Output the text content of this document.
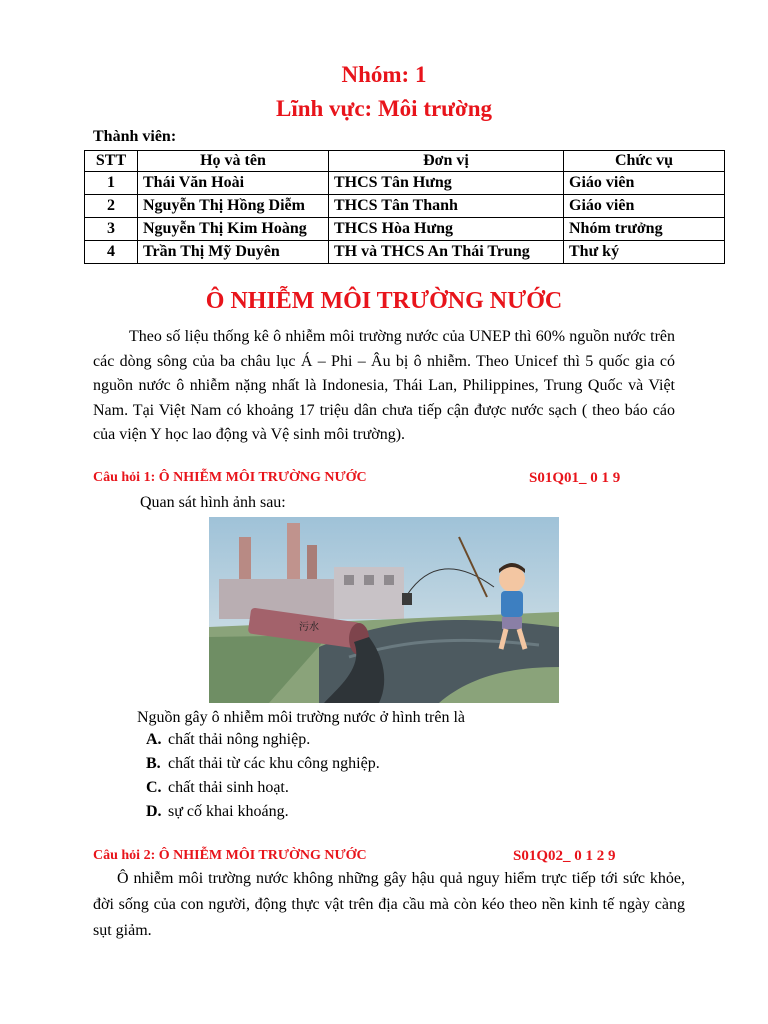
Nhóm: 1
Lĩnh vực: Môi trường
Thành viên:
STT	Họ và tên	Đơn vị	Chức vụ
1	Thái Văn Hoài	THCS Tân Hưng	Giáo viên
2	Nguyễn Thị Hồng Diễm	THCS Tân Thanh	Giáo viên
3	Nguyễn Thị Kim Hoàng	THCS Hòa Hưng	Nhóm trưởng
4	Trần Thị Mỹ Duyên	TH và THCS An Thái Trung	Thư ký
Ô NHIỄM MÔI TRƯỜNG NƯỚC

Theo số liệu thống kê ô nhiễm môi trường nước của UNEP thì 60% nguồn nước trên các dòng sông của ba châu lục Á – Phi – Âu bị ô nhiễm. Theo Unicef thì 5 quốc gia có nguồn nước ô nhiễm nặng nhất là Indonesia, Thái Lan, Philippines, Trung Quốc và Việt Nam. Tại Việt Nam có khoảng 17 triệu dân chưa tiếp cận được nước sạch ( theo báo cáo của viện Y học lao động và Vệ sinh môi trường).

Câu hỏi 1: Ô NHIỄM MÔI TRƯỜNG NƯỚC	S01Q01_ 0 1 9
Quan sát hình ảnh sau:
污水
Nguồn gây ô nhiễm môi trường nước ở hình trên là
A. chất thải nông nghiệp.
B. chất thải từ các khu công nghiệp.
C. chất thải sinh hoạt.
D. sự cố khai khoáng.
Câu hỏi 2: Ô NHIỄM MÔI TRƯỜNG NƯỚC	S01Q02_ 0 1 2 9

Ô nhiễm môi trường nước không những gây hậu quả nguy hiểm trực tiếp tới sức khỏe, đời sống của con người, động thực vật trên địa cầu mà còn kéo theo nền kinh tế ngày càng sụt giảm.
